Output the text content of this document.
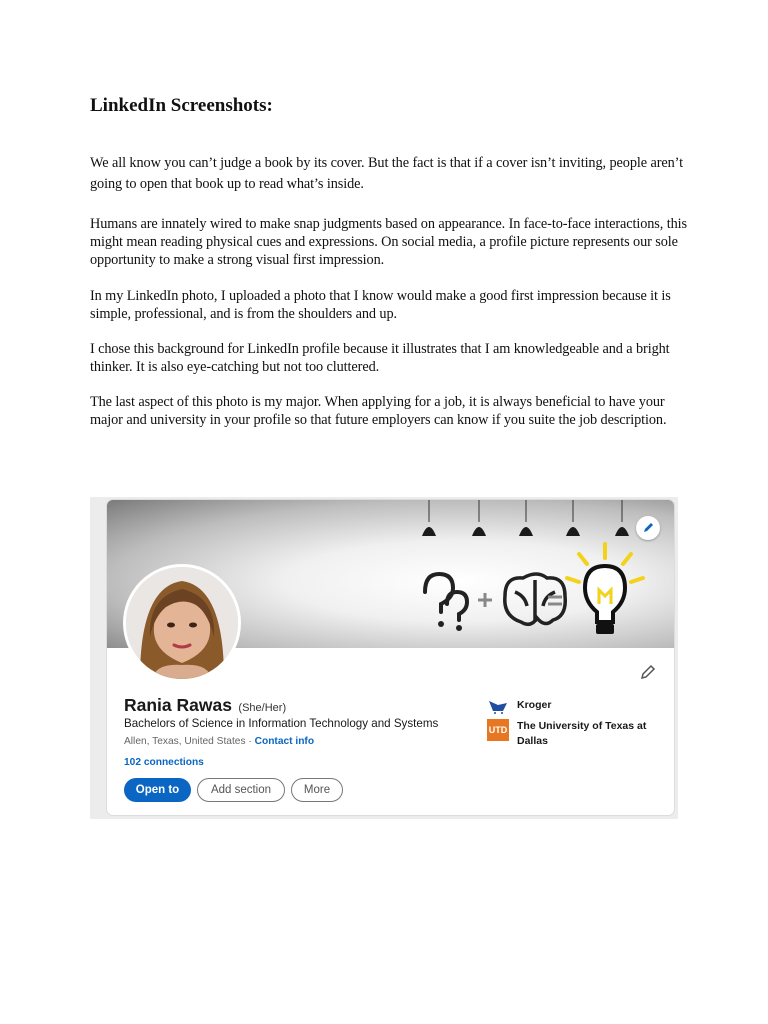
LinkedIn Screenshots:

We all know you can’t judge a book by its cover. But the fact is that if a cover isn’t inviting, people aren’t going to open that book up to read what’s inside.

Humans are innately wired to make snap judgments based on appearance. In face-to-face interactions, this might mean reading physical cues and expressions. On social media, a profile picture represents our sole opportunity to make a strong visual first impression.

In my LinkedIn photo, I uploaded a photo that I know would make a good first impression because it is simple, professional, and is from the shoulders and up.

I chose this background for LinkedIn profile because it illustrates that I am knowledgeable and a bright thinker. It is also eye-catching but not too cluttered.

The last aspect of this photo is my major. When applying for a job, it is always beneficial to have your major and university in your profile so that future employers can know if you suite the job description.

Rania Rawas (She/Her)
Bachelors of Science in Information Technology and Systems
Allen, Texas, United States · Contact info
102 connections
Open to	Add section	More
Kroger
UTD The University of Texas at
Dallas
